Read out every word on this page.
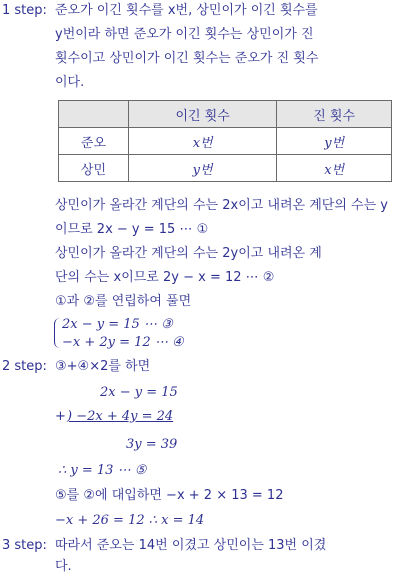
1 step: 준오가 이긴 횟수를 x번, 상민이가 이긴 횟수를
y번이라 하면 준오가 이긴 횟수는 상민이가 진
횟수이고 상민이가 이긴 횟수는 준오가 진 횟수
이다.
	이긴 횟수	진 횟수
준오	x번	y번
상민	y번	x번
상민이가 올라간 계단의 수는 2x이고 내려온 계단의 수는 y
이므로 2x − y = 15 ⋯ ①
상민이가 올라간 계단의 수는 2y이고 내려온 계
단의 수는 x이므로 2y − x = 12 ⋯ ②
①과 ②를 연립하여 풀면
2x − y = 15 ⋯ ③
−x + 2y = 12 ⋯ ④
2 step: ③+④×2를 하면
2x − y = 15
+ ) −2x + 4y = 24
3y = 39
∴ y = 13 ⋯ ⑤
⑤를 ②에 대입하면 −x + 2 × 13 = 12
−x + 26 = 12 ∴ x = 14
3 step: 따라서 준오는 14번 이겼고 상민이는 13번 이겼
다.
